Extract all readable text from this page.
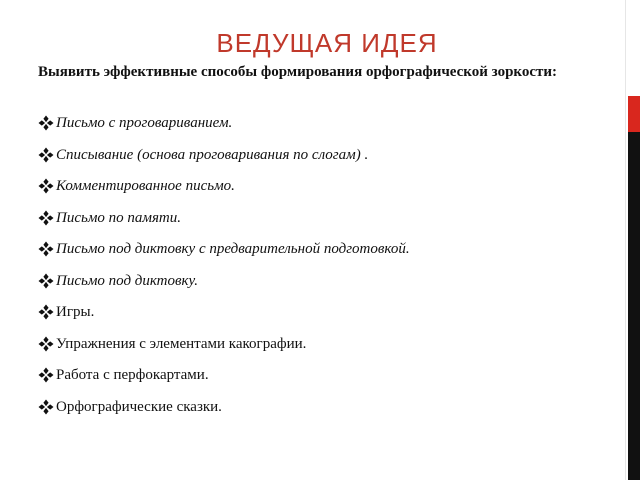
ВЕДУЩАЯ ИДЕЯ
Выявить эффективные способы формирования орфографической зоркости:
Письмо с проговариванием.
Списывание (основа проговаривания по слогам) .
Комментированное письмо.
Письмо по памяти.
Письмо под диктовку с предварительной подготовкой.
Письмо под диктовку.
Игры.
Упражнения с элементами какографии.
Работа с перфокартами.
Орфографические сказки.
